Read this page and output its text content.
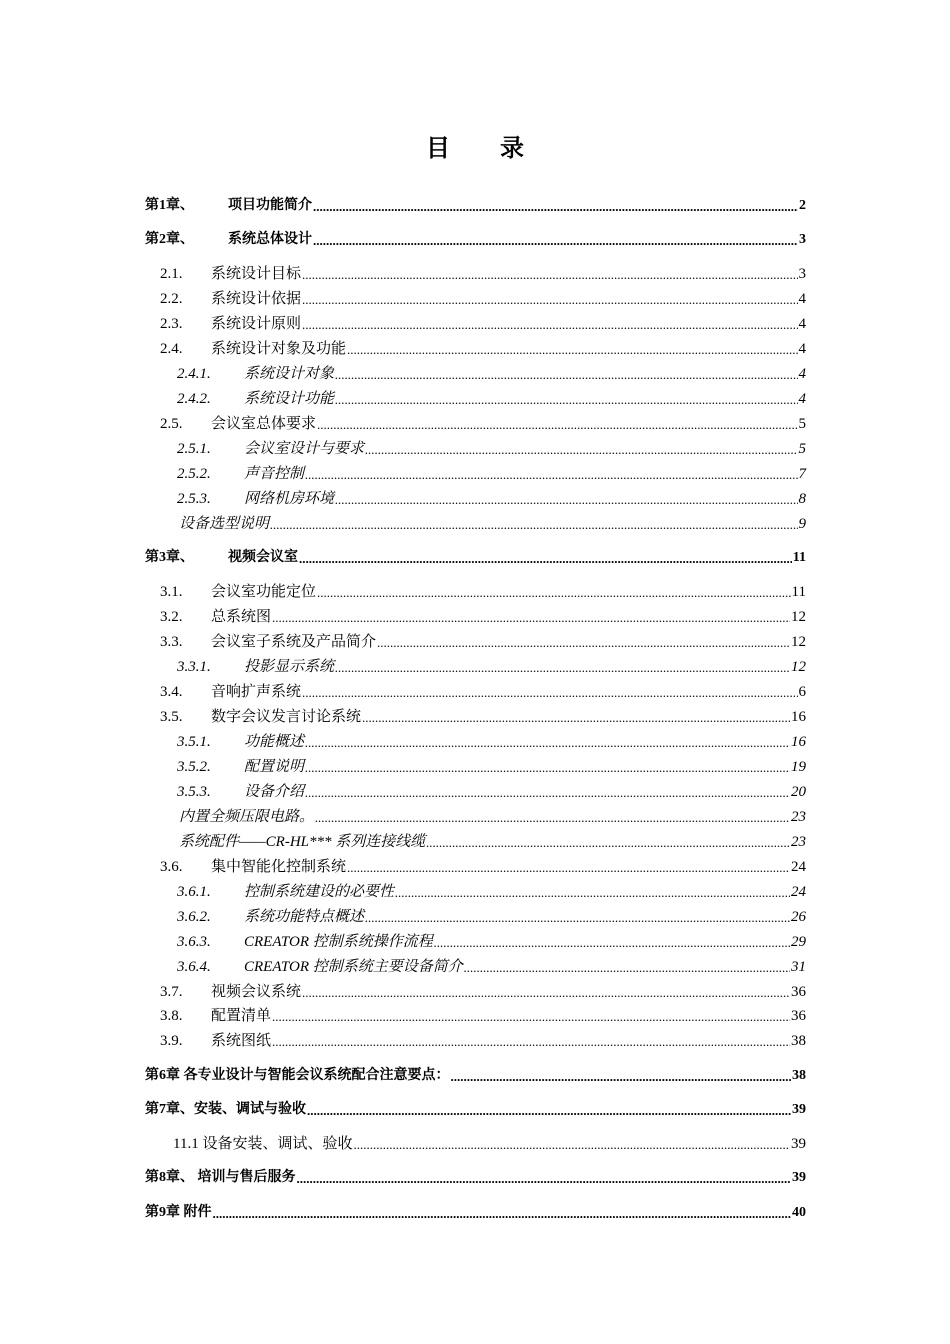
目 录
第1章、	项目功能简介 .....	2
第2章、	系统总体设计 .....	3
2.1.	系统设计目标 .....	3
2.2.	系统设计依据 .....	4
2.3.	系统设计原则 .....	4
2.4.	系统设计对象及功能 .....	4
2.4.1.	系统设计对象 .....	4
2.4.2.	系统设计功能 .....	4
2.5.	会议室总体要求 .....	5
2.5.1.	会议室设计与要求 .....	5
2.5.2.	声音控制 .....	7
2.5.3.	网络机房环境 .....	8
设备选型说明 .....	9
第3章、	视频会议室 .....	11
3.1.	会议室功能定位 .....	11
3.2.	总系统图 .....	12
3.3.	会议室子系统及产品简介 .....	12
3.3.1.	投影显示系统 .....	12
3.4.	音响扩声系统 .....	6
3.5.	数字会议发言讨论系统 .....	16
3.5.1.	功能概述 .....	16
3.5.2.	配置说明 .....	19
3.5.3.	设备介绍 .....	20
内置全频压限电路。 .....	23
系统配件——CR-HL*** 系列连接线缆 .....	23
3.6.	集中智能化控制系统 .....	24
3.6.1.	控制系统建设的必要性 .....	24
3.6.2.	系统功能特点概述 .....	26
3.6.3.	CREATOR 控制系统操作流程 .....	29
3.6.4.	CREATOR 控制系统主要设备简介 .....	31
3.7.	视频会议系统 .....	36
3.8.	配置清单 .....	36
3.9.	系统图纸 .....	38
第6章 各专业设计与智能会议系统配合注意要点： .....	38
第7章、安装、调试与验收 .....	39
11.1 设备安装、调试、验收 .....	39
第8章、 培训与售后服务 .....	39
第9章 附件 .....	40
